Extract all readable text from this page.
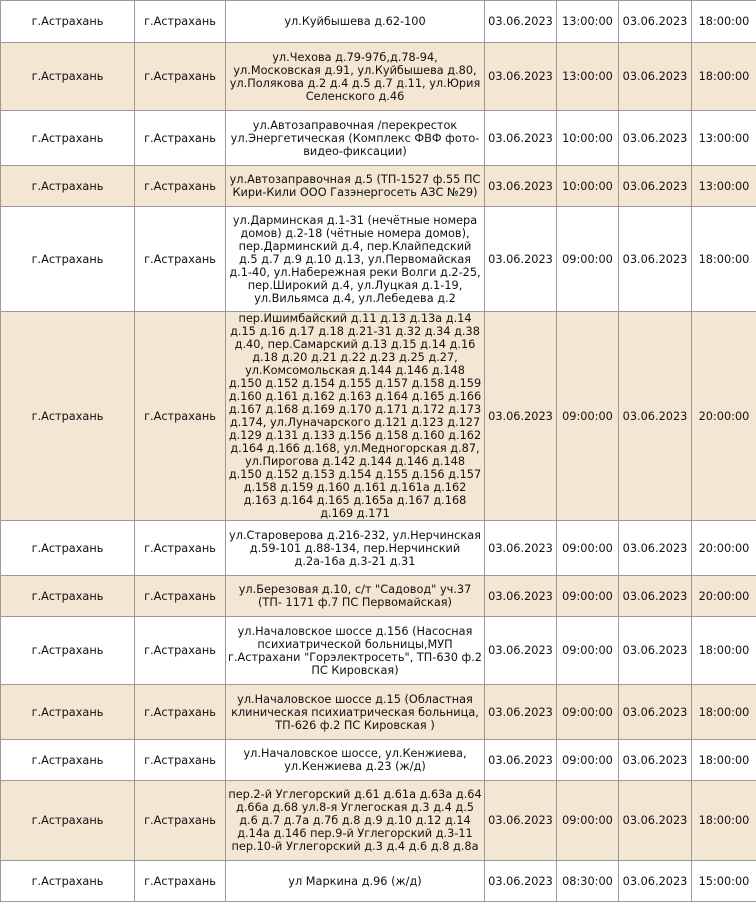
г.Астрахань	г.Астрахань	ул.Куйбышева д.62-100	03.06.2023	13:00:00	03.06.2023	18:00:00
г.Астрахань	г.Астрахань	ул.Чехова д.79-97б,д.78-94, ул.Московская д.91, ул.Куйбышева д.80, ул.Полякова д.2 д.4 д.5 д.7 д.11, ул.Юрия Селенского д.46	03.06.2023	13:00:00	03.06.2023	18:00:00
г.Астрахань	г.Астрахань	ул.Автозаправочная /перекресток ул.Энергетическая (Комплекс ФВФ фото-видео-фиксации)	03.06.2023	10:00:00	03.06.2023	13:00:00
г.Астрахань	г.Астрахань	ул.Автозаправочная д.5 (ТП-1527 ф.55 ПС Кири-Кили ООО Газэнергосеть АЗС №29)	03.06.2023	10:00:00	03.06.2023	13:00:00
г.Астрахань	г.Астрахань	ул.Дарминская д.1-31 (нечётные номера домов) д.2-18 (чётные номера домов), пер.Дарминский д.4, пер.Клайпедский д.5 д.7 д.9 д.10 д.13, ул.Первомайская д.1-40, ул.Набережная реки Волги д.2-25, пер.Широкий д.4, ул.Луцкая д.1-19, ул.Вильямса д.4, ул.Лебедева д.2	03.06.2023	09:00:00	03.06.2023	18:00:00
г.Астрахань	г.Астрахань	пер.Ишимбайский д.11 д.13 д.13а д.14 д.15 д.16 д.17 д.18 д.21-31 д.32 д.34 д.38 д.40, пер.Самарский д.13 д.15 д.14 д.16 д.18 д.20 д.21 д.22 д.23 д.25 д.27, ул.Комсомольская д.144 д.146 д.148 д.150 д.152 д.154 д.155 д.157 д.158 д.159 д.160 д.161 д.162 д.163 д.164 д.165 д.166 д.167 д.168 д.169 д.170 д.171 д.172 д.173 д.174, ул.Луначарского д.121 д.123 д.127 д.129 д.131 д.133 д.156 д.158 д.160 д.162 д.164 д.166 д.168, ул.Медногорская д.87, ул.Пирогова д.142 д.144 д.146 д.148 д.150 д.152 д.153 д.154 д.155 д.156 д.157 д.158 д.159 д.160 д.161 д.161а д.162 д.163 д.164 д.165 д.165а д.167 д.168 д.169 д.171	03.06.2023	09:00:00	03.06.2023	20:00:00
г.Астрахань	г.Астрахань	ул.Староверова д.216-232, ул.Нерчинская д.59-101 д.88-134, пер.Нерчинский д.2а-16а д.3-21 д.31	03.06.2023	09:00:00	03.06.2023	20:00:00
г.Астрахань	г.Астрахань	ул.Березовая д.10, с/т "Садовод" уч.37 (ТП- 1171 ф.7 ПС Первомайская)	03.06.2023	09:00:00	03.06.2023	20:00:00
г.Астрахань	г.Астрахань	ул.Началовское шоссе д.156 (Насосная психиатрической больницы,МУП г.Астрахани "Горэлектросеть", ТП-630 ф.2 ПС Кировская)	03.06.2023	09:00:00	03.06.2023	18:00:00
г.Астрахань	г.Астрахань	ул.Началовское шоссе д.15 (Областная клиническая психиатрическая больница, ТП-626 ф.2 ПС Кировская )	03.06.2023	09:00:00	03.06.2023	18:00:00
г.Астрахань	г.Астрахань	ул.Началовское шоссе, ул.Кенжиева, ул.Кенжиева д.23 (ж/д)	03.06.2023	09:00:00	03.06.2023	18:00:00
г.Астрахань	г.Астрахань	пер.2-й Углегорский д.61 д.61а д.63а д.64 д.66а д.68 ул.8-я Углегоская д.3 д.4 д.5 д.6 д.7 д.7а д.7б д.8 д.9 д.10 д.12 д.14 д.14а д.146 пер.9-й Углегорский д.3-11 пер.10-й Углегорский д.3 д.4 д.6 д.8 д.8а	03.06.2023	09:00:00	03.06.2023	18:00:00
г.Астрахань	г.Астрахань	ул Маркина д.96 (ж/д)	03.06.2023	08:30:00	03.06.2023	15:00:00
